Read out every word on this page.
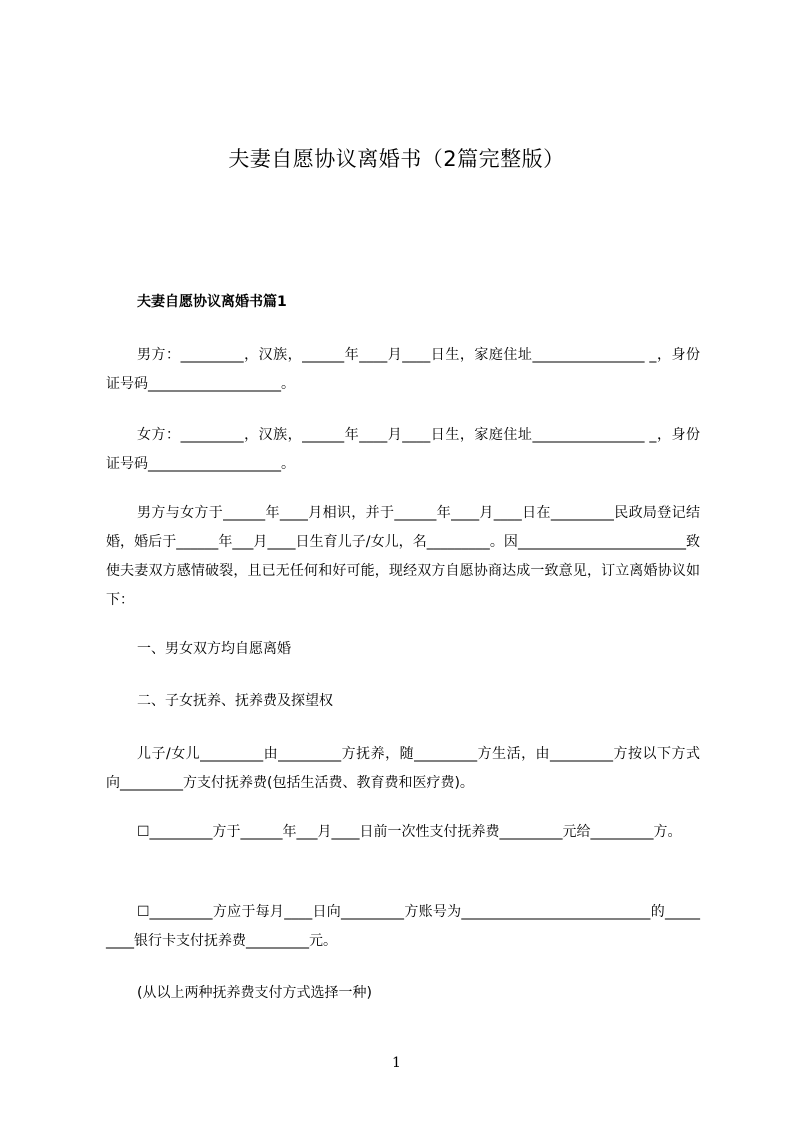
夫妻自愿协议离婚书（2篇完整版）
夫妻自愿协议离婚书篇1
男方：_________，汉族，______年____月____日生，家庭住址________________ _，身份证号码___________________。
女方：_________，汉族，______年____月____日生，家庭住址________________ _，身份证号码___________________。
男方与女方于______年____月相识，并于______年____月____日在_________民政局登记结婚，婚后于______年___月____日生育儿子/女儿，名_________。因________________________致使夫妻双方感情破裂，且已无任何和好可能，现经双方自愿协商达成一致意见，订立离婚协议如下：
一、男女双方均自愿离婚
二、子女抚养、抚养费及探望权
儿子/女儿_________由_________方抚养，随_________方生活，由_________方按以下方式向_________方支付抚养费(包括生活费、教育费和医疗费)。
☐_________方于______年___月____日前一次性支付抚养费_________元给_________方。
☐_________方应于每月____日向_________方账号为___________________________的_________银行卡支付抚养费_________元。
(从以上两种抚养费支付方式选择一种)
1
